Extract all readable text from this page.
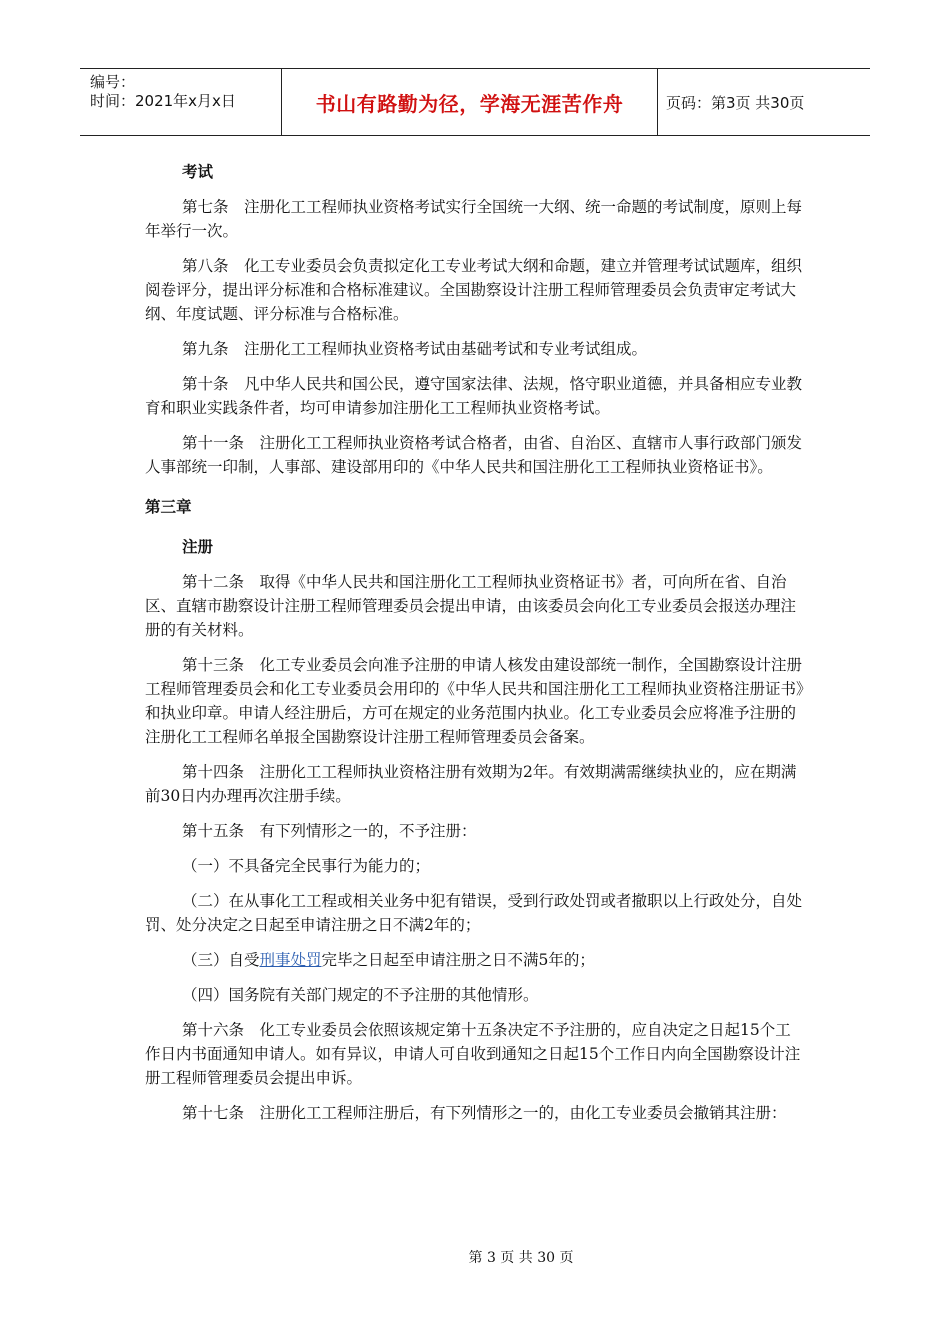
编号：
时间：2021年x月x日	书山有路勤为径，学海无涯苦作舟	页码：第3页 共30页

考试

第七条　注册化工工程师执业资格考试实行全国统一大纲、统一命题的考试制度，原则上每年举行一次。

第八条　化工专业委员会负责拟定化工专业考试大纲和命题，建立并管理考试试题库，组织阅卷评分，提出评分标准和合格标准建议。全国勘察设计注册工程师管理委员会负责审定考试大纲、年度试题、评分标准与合格标准。

第九条　注册化工工程师执业资格考试由基础考试和专业考试组成。

第十条　凡中华人民共和国公民，遵守国家法律、法规，恪守职业道德，并具备相应专业教育和职业实践条件者，均可申请参加注册化工工程师执业资格考试。

第十一条　注册化工工程师执业资格考试合格者，由省、自治区、直辖市人事行政部门颁发人事部统一印制，人事部、建设部用印的《中华人民共和国注册化工工程师执业资格证书》。

第三章

注册

第十二条　取得《中华人民共和国注册化工工程师执业资格证书》者，可向所在省、自治区、直辖市勘察设计注册工程师管理委员会提出申请，由该委员会向化工专业委员会报送办理注册的有关材料。

第十三条　化工专业委员会向准予注册的申请人核发由建设部统一制作，全国勘察设计注册工程师管理委员会和化工专业委员会用印的《中华人民共和国注册化工工程师执业资格注册证书》和执业印章。申请人经注册后，方可在规定的业务范围内执业。化工专业委员会应将准予注册的注册化工工程师名单报全国勘察设计注册工程师管理委员会备案。

第十四条　注册化工工程师执业资格注册有效期为2年。有效期满需继续执业的，应在期满前30日内办理再次注册手续。

第十五条　有下列情形之一的，不予注册：

（一）不具备完全民事行为能力的；

（二）在从事化工工程或相关业务中犯有错误，受到行政处罚或者撤职以上行政处分，自处罚、处分决定之日起至申请注册之日不满2年的；

（三）自受刑事处罚完毕之日起至申请注册之日不满5年的；

（四）国务院有关部门规定的不予注册的其他情形。

第十六条　化工专业委员会依照该规定第十五条决定不予注册的，应自决定之日起15个工作日内书面通知申请人。如有异议，申请人可自收到通知之日起15个工作日内向全国勘察设计注册工程师管理委员会提出申诉。

第十七条　注册化工工程师注册后，有下列情形之一的，由化工专业委员会撤销其注册：

第 3 页 共 30 页
